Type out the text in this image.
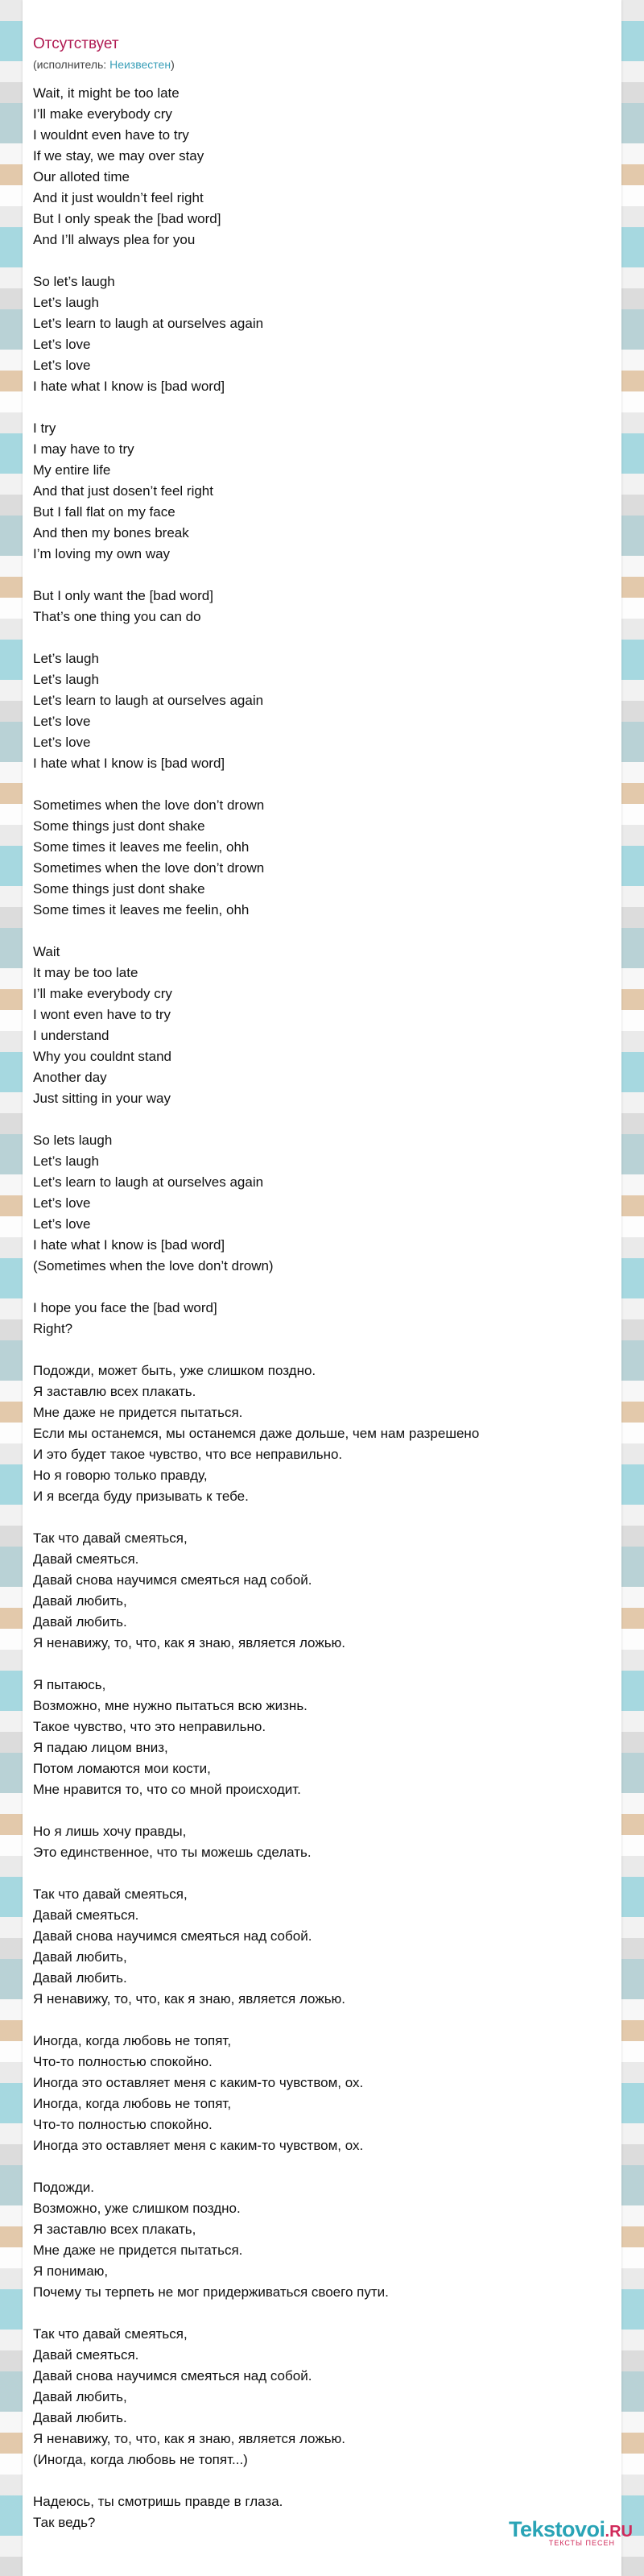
Отсутствует
(исполнитель: Неизвестен)
Wait, it might be too late
I’ll make everybody cry
I wouldnt even have to try
If we stay, we may over stay
Our alloted time
And it just wouldn’t feel right
But I only speak the [bad word]
And I’ll always plea for you

So let’s laugh
Let’s laugh
Let’s learn to laugh at ourselves again
Let’s love
Let’s love
I hate what I know is [bad word]

I try
I may have to try
My entire life
And that just dosen’t feel right
But I fall flat on my face
And then my bones break
I’m loving my own way

But I only want the [bad word]
That’s one thing you can do

Let’s laugh
Let’s laugh
Let’s learn to laugh at ourselves again
Let’s love
Let’s love
I hate what I know is [bad word]

Sometimes when the love don’t drown
Some things just dont shake
Some times it leaves me feelin, ohh
Sometimes when the love don’t drown
Some things just dont shake
Some times it leaves me feelin, ohh

Wait
It may be too late
I’ll make everybody cry
I wont even have to try
I understand
Why you couldnt stand
Another day
Just sitting in your way

So lets laugh
Let’s laugh
Let’s learn to laugh at ourselves again
Let’s love
Let’s love
I hate what I know is [bad word]
(Sometimes when the love don’t drown)

I hope you face the [bad word]
Right?

Подожди, может быть, уже слишком поздно.
Я заставлю всех плакать.
Мне даже не придется пытаться.
Если мы останемся, мы останемся даже дольше, чем нам разрешено
И это будет такое чувство, что все неправильно.
Но я говорю только правду,
И я всегда буду призывать к тебе.

Так что давай смеяться,
Давай смеяться.
Давай снова научимся смеяться над собой.
Давай любить,
Давай любить.
Я ненавижу, то, что, как я знаю, является ложью.

Я пытаюсь,
Возможно, мне нужно пытаться всю жизнь.
Такое чувство, что это неправильно.
Я падаю лицом вниз,
Потом ломаются мои кости,
Мне нравится то, что со мной происходит.

Но я лишь хочу правды,
Это единственное, что ты можешь сделать.

Так что давай смеяться,
Давай смеяться.
Давай снова научимся смеяться над собой.
Давай любить,
Давай любить.
Я ненавижу, то, что, как я знаю, является ложью.

Иногда, когда любовь не топят,
Что-то полностью спокойно.
Иногда это оставляет меня с каким-то чувством, ох.
Иногда, когда любовь не топят,
Что-то полностью спокойно.
Иногда это оставляет меня с каким-то чувством, ох.

Подожди.
Возможно, уже слишком поздно.
Я заставлю всех плакать,
Мне даже не придется пытаться.
Я понимаю,
Почему ты терпеть не мог придерживаться своего пути.

Так что давай смеяться,
Давай смеяться.
Давай снова научимся смеяться над собой.
Давай любить,
Давай любить.
Я ненавижу, то, что, как я знаю, является ложью.
(Иногда, когда любовь не топят...)

Надеюсь, ты смотришь правде в глаза.
Так ведь?	Tekstovoi.RU
ТЕКСТЫ ПЕСЕН
